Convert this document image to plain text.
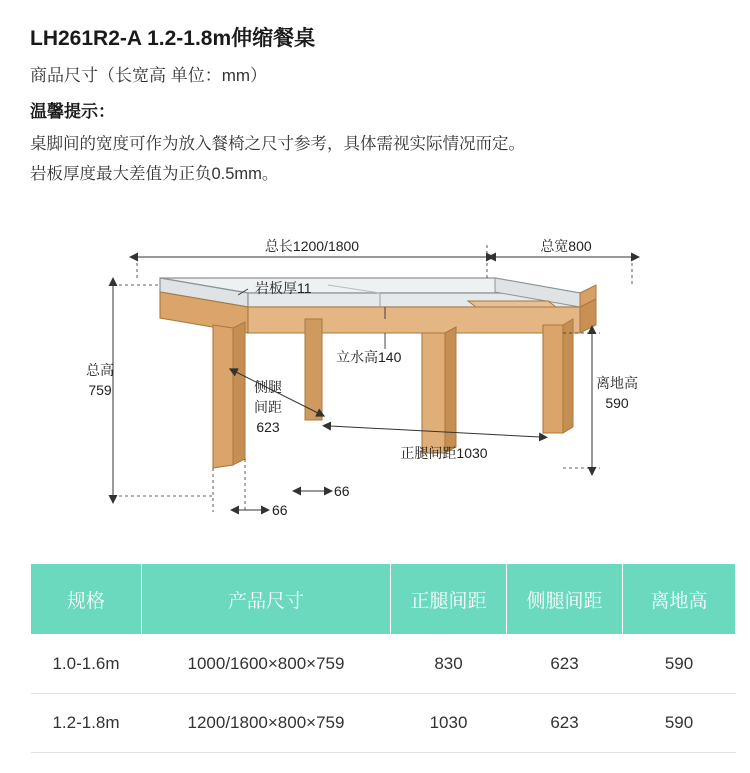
LH261R2-A 1.2-1.8m伸缩餐桌

商品尺寸（长宽高 单位：mm）

温馨提示：

桌脚间的宽度可作为放入餐椅之尺寸参考，具体需视实际情况而定。

岩板厚度最大差值为正负0.5mm。

总长1200/1800	总宽800
岩板厚11
总高
759
立水高140
离地高
590
侧腿
间距
623
正腿间距1030
66
66
规格	产品尺寸	正腿间距	侧腿间距	离地高
1.0-1.6m	1000/1600×800×759	830	623	590
1.2-1.8m	1200/1800×800×759	1030	623	590
